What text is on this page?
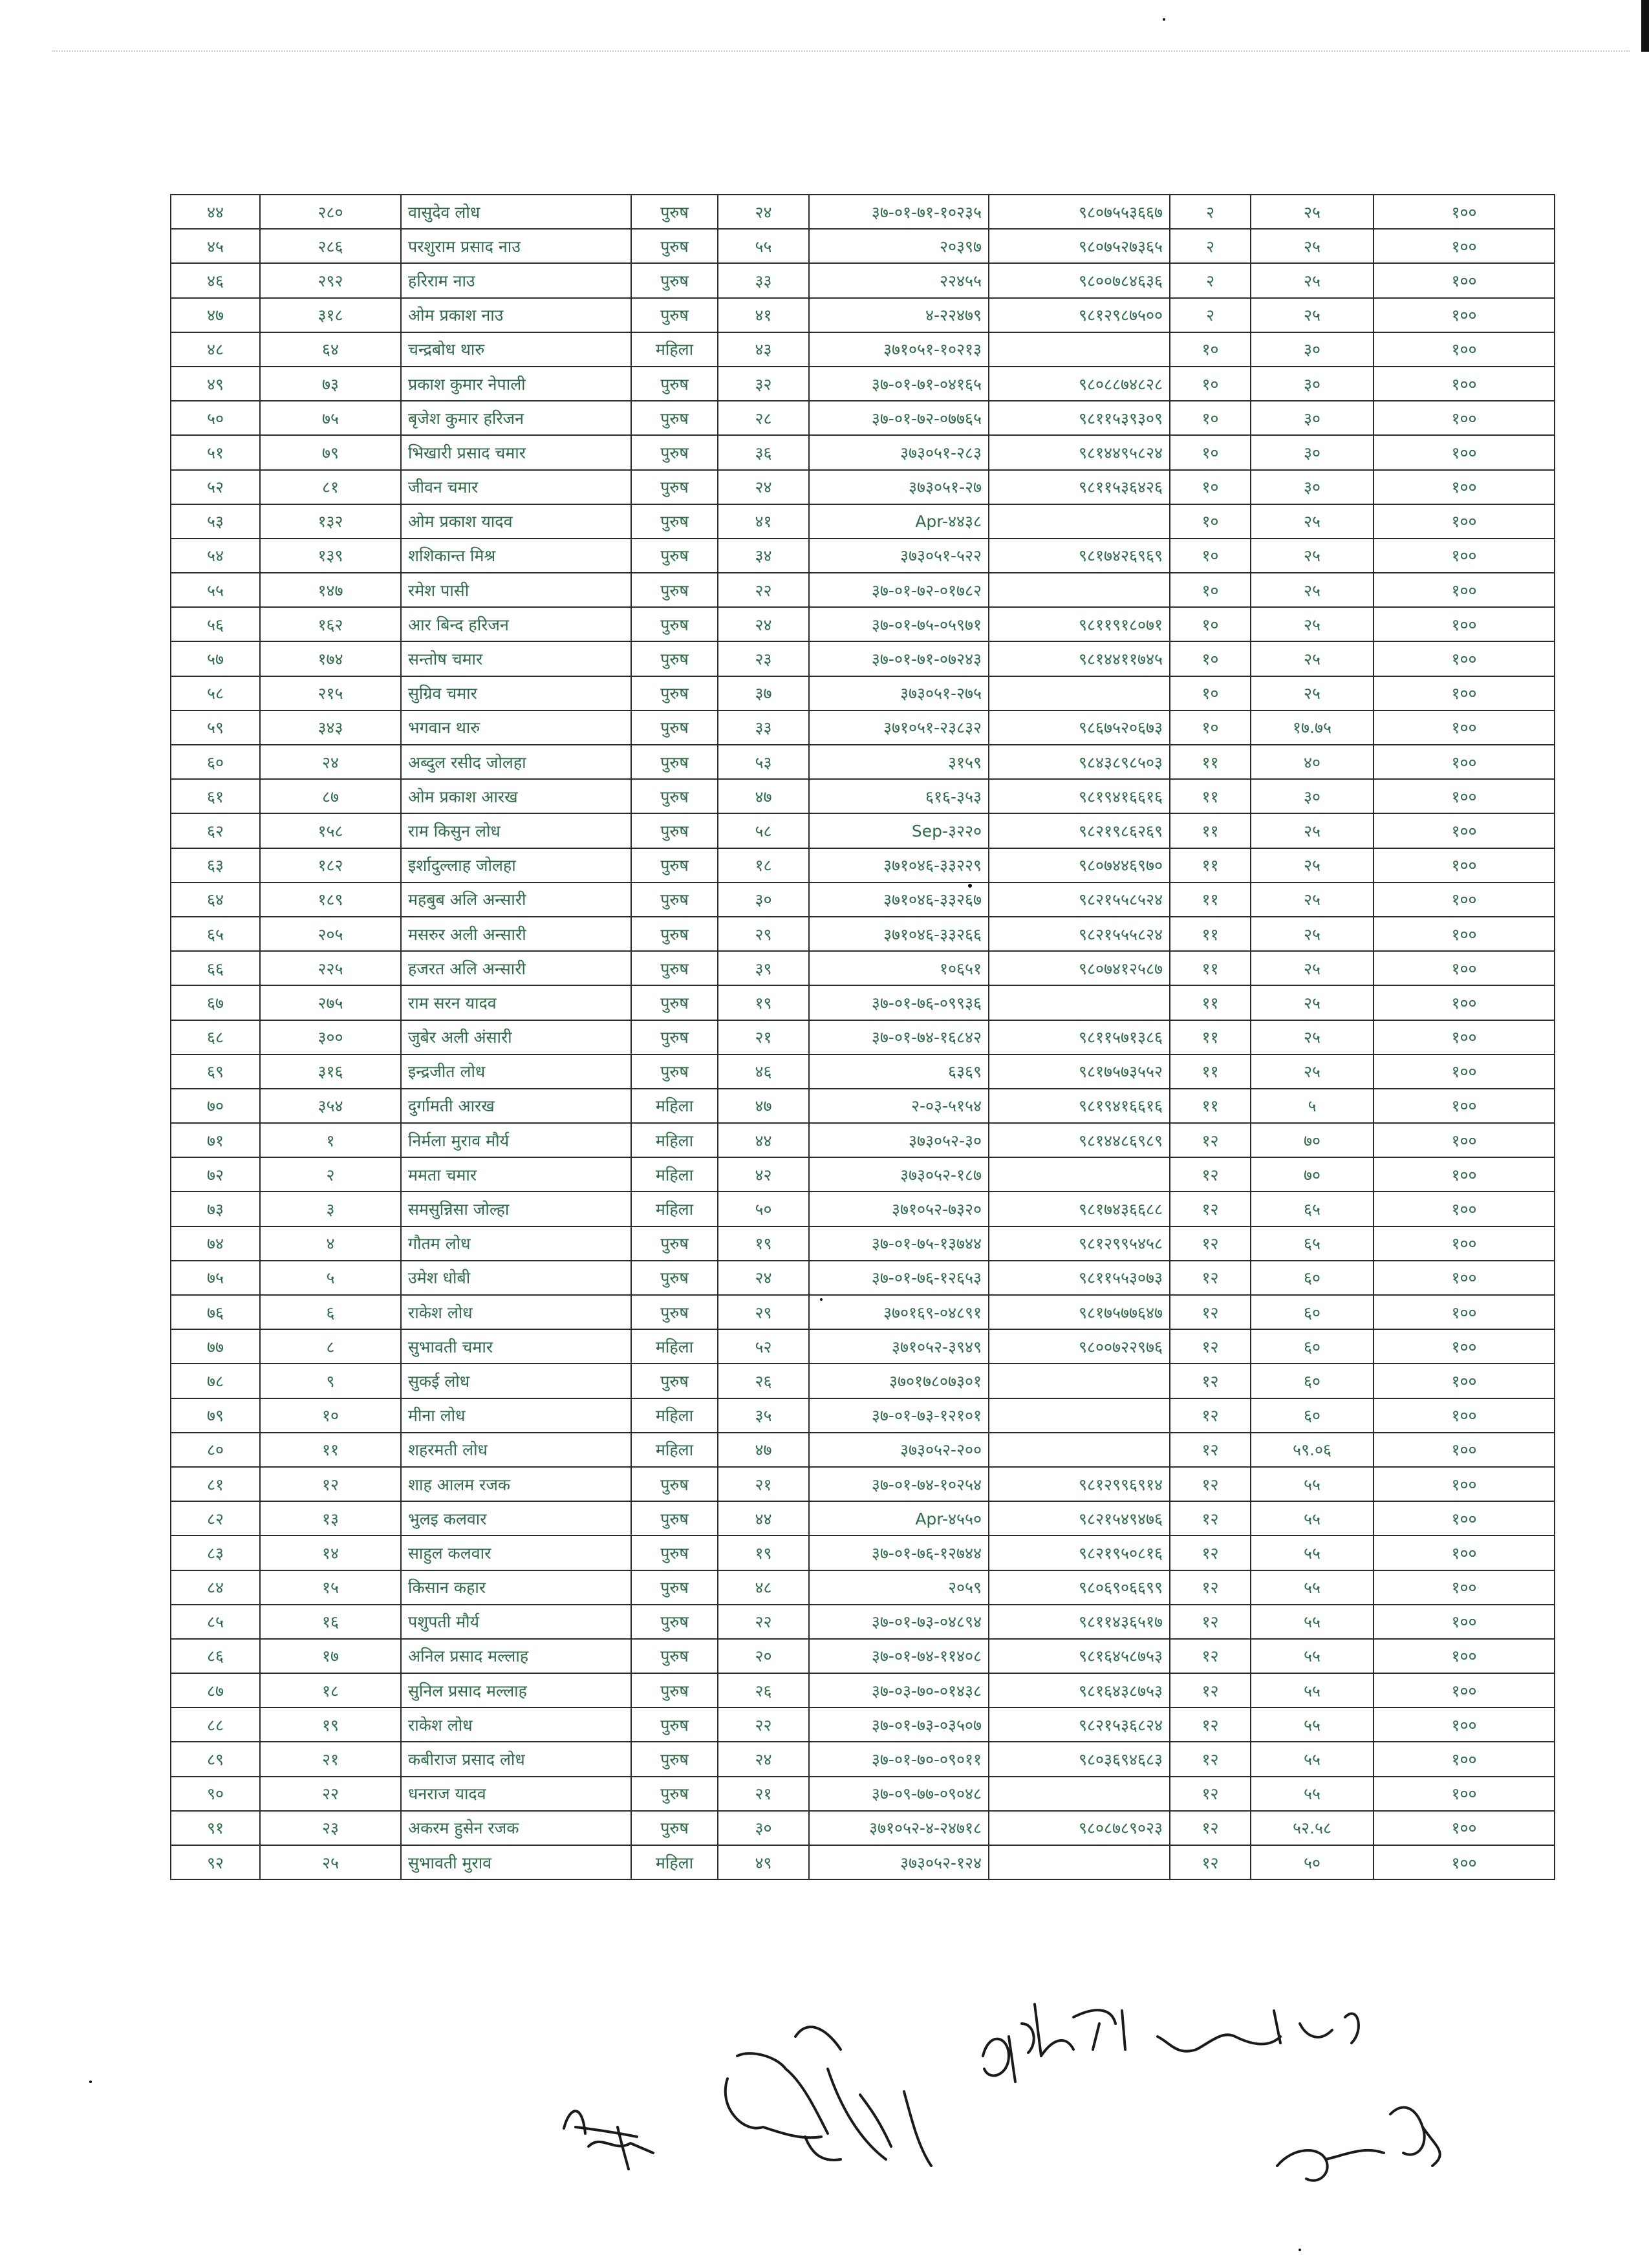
४४	२८०	वासुदेव लोध	पुरुष	२४	३७-०१-७१-१०२३५	९८०७५५३६६७	२	२५	१००
४५	२८६	परशुराम प्रसाद नाउ	पुरुष	५५	२०३९७	९८०७५२७३६५	२	२५	१००
४६	२९२	हरिराम नाउ	पुरुष	३३	२२४५५	९८००७८४६३६	२	२५	१००
४७	३१८	ओम प्रकाश नाउ	पुरुष	४१	४-२२४७९	९८१२९८७५००	२	२५	१००
४८	६४	चन्द्रबोध थारु	महिला	४३	३७१०५१-१०२१३		१०	३०	१००
४९	७३	प्रकाश कुमार नेपाली	पुरुष	३२	३७-०१-७१-०४१६५	९८०८८७४८२८	१०	३०	१००
५०	७५	बृजेश कुमार हरिजन	पुरुष	२८	३७-०१-७२-०७७६५	९८११५३९३०९	१०	३०	१००
५१	७९	भिखारी प्रसाद चमार	पुरुष	३६	३७३०५१-२८३	९८१४४९५८२४	१०	३०	१००
५२	८१	जीवन चमार	पुरुष	२४	३७३०५१-२७	९८११५३६४२६	१०	३०	१००
५३	१३२	ओम प्रकाश यादव	पुरुष	४१	Apr-४४३८		१०	२५	१००
५४	१३९	शशिकान्त मिश्र	पुरुष	३४	३७३०५१-५२२	९८१७४२६९६९	१०	२५	१००
५५	१४७	रमेश पासी	पुरुष	२२	३७-०१-७२-०१७८२		१०	२५	१००
५६	१६२	आर बिन्द हरिजन	पुरुष	२४	३७-०१-७५-०५९७१	९८११९१८०७१	१०	२५	१००
५७	१७४	सन्तोष चमार	पुरुष	२३	३७-०१-७१-०७२४३	९८१४४११७४५	१०	२५	१००
५८	२१५	सुग्रिव चमार	पुरुष	३७	३७३०५१-२७५		१०	२५	१००
५९	३४३	भगवान थारु	पुरुष	३३	३७१०५१-२३८३२	९८६७५२०६७३	१०	१७.७५	१००
६०	२४	अब्दुल रसीद जोलहा	पुरुष	५३	३१५९	९८४३८९८५०३	११	४०	१००
६१	८७	ओम प्रकाश आरख	पुरुष	४७	६१६-३५३	९८१९४१६६१६	११	३०	१००
६२	१५८	राम किसुन लोध	पुरुष	५८	Sep-३२२०	९८२१९८६२६९	११	२५	१००
६३	१८२	इर्शादुल्लाह जोलहा	पुरुष	१८	३७१०४६-३३२२९	९८०७४४६९७०	११	२५	१००
६४	१८९	महबुब अलि अन्सारी	पुरुष	३०	३७१०४६-३३२६७	९८२१५५८५२४	११	२५	१००
६५	२०५	मसरुर अली अन्सारी	पुरुष	२९	३७१०४६-३३२६६	९८२१५५५८२४	११	२५	१००
६६	२२५	हजरत अलि अन्सारी	पुरुष	३९	१०६५१	९८०७४१२५८७	११	२५	१००
६७	२७५	राम सरन यादव	पुरुष	१९	३७-०१-७६-०९९३६		११	२५	१००
६८	३००	जुबेर अली अंसारी	पुरुष	२१	३७-०१-७४-१६८४२	९८११५७१३८६	११	२५	१००
६९	३१६	इन्द्रजीत लोध	पुरुष	४६	६३६९	९८१७५७३५५२	११	२५	१००
७०	३५४	दुर्गामती आरख	महिला	४७	२-०३-५१५४	९८१९४१६६१६	११	५	१००
७१	१	निर्मला मुराव मौर्य	महिला	४४	३७३०५२-३०	९८१४४८६९८९	१२	७०	१००
७२	२	ममता चमार	महिला	४२	३७३०५२-१८७		१२	७०	१००
७३	३	समसुन्निसा जोल्हा	महिला	५०	३७१०५२-७३२०	९८१७४३६६८८	१२	६५	१००
७४	४	गौतम लोध	पुरुष	१९	३७-०१-७५-१३७४४	९८१२९९५४५८	१२	६५	१००
७५	५	उमेश धोबी	पुरुष	२४	३७-०१-७६-१२६५३	९८११५५३०७३	१२	६०	१००
७६	६	राकेश लोध	पुरुष	२९	३७०१६९-०४८९१	९८१७५७७६४७	१२	६०	१००
७७	८	सुभावती चमार	महिला	५२	३७१०५२-३९४९	९८००७२२९७६	१२	६०	१००
७८	९	सुकई लोध	पुरुष	२६	३७०१७८०७३०१		१२	६०	१००
७९	१०	मीना लोध	महिला	३५	३७-०१-७३-१२१०१		१२	६०	१००
८०	११	शहरमती लोध	महिला	४७	३७३०५२-२००		१२	५९.०६	१००
८१	१२	शाह आलम रजक	पुरुष	२१	३७-०१-७४-१०२५४	९८१२९९६९१४	१२	५५	१००
८२	१३	भुलइ कलवार	पुरुष	४४	Apr-४५५०	९८२१५४९४७६	१२	५५	१००
८३	१४	साहुल कलवार	पुरुष	१९	३७-०१-७६-१२७४४	९८२१९५०८१६	१२	५५	१००
८४	१५	किसान कहार	पुरुष	४८	२०५९	९८०६९०६६९९	१२	५५	१००
८५	१६	पशुपती मौर्य	पुरुष	२२	३७-०१-७३-०४८९४	९८११४३६५१७	१२	५५	१००
८६	१७	अनिल प्रसाद मल्लाह	पुरुष	२०	३७-०१-७४-११४०८	९८१६४५८७५३	१२	५५	१००
८७	१८	सुनिल प्रसाद मल्लाह	पुरुष	२६	३७-०३-७०-०१४३८	९८१६४३८७५३	१२	५५	१००
८८	१९	राकेश लोध	पुरुष	२२	३७-०१-७३-०३५०७	९८२१५३६८२४	१२	५५	१००
८९	२१	कबीराज प्रसाद लोध	पुरुष	२४	३७-०१-७०-०९०११	९८०३६९४६८३	१२	५५	१००
९०	२२	धनराज यादव	पुरुष	२१	३७-०९-७७-०९०४८		१२	५५	१००
९१	२३	अकरम हुसेन रजक	पुरुष	३०	३७१०५२-४-२४७१८	९८०८७८९०२३	१२	५२.५८	१००
९२	२५	सुभावती मुराव	महिला	४९	३७३०५२-१२४		१२	५०	१००
